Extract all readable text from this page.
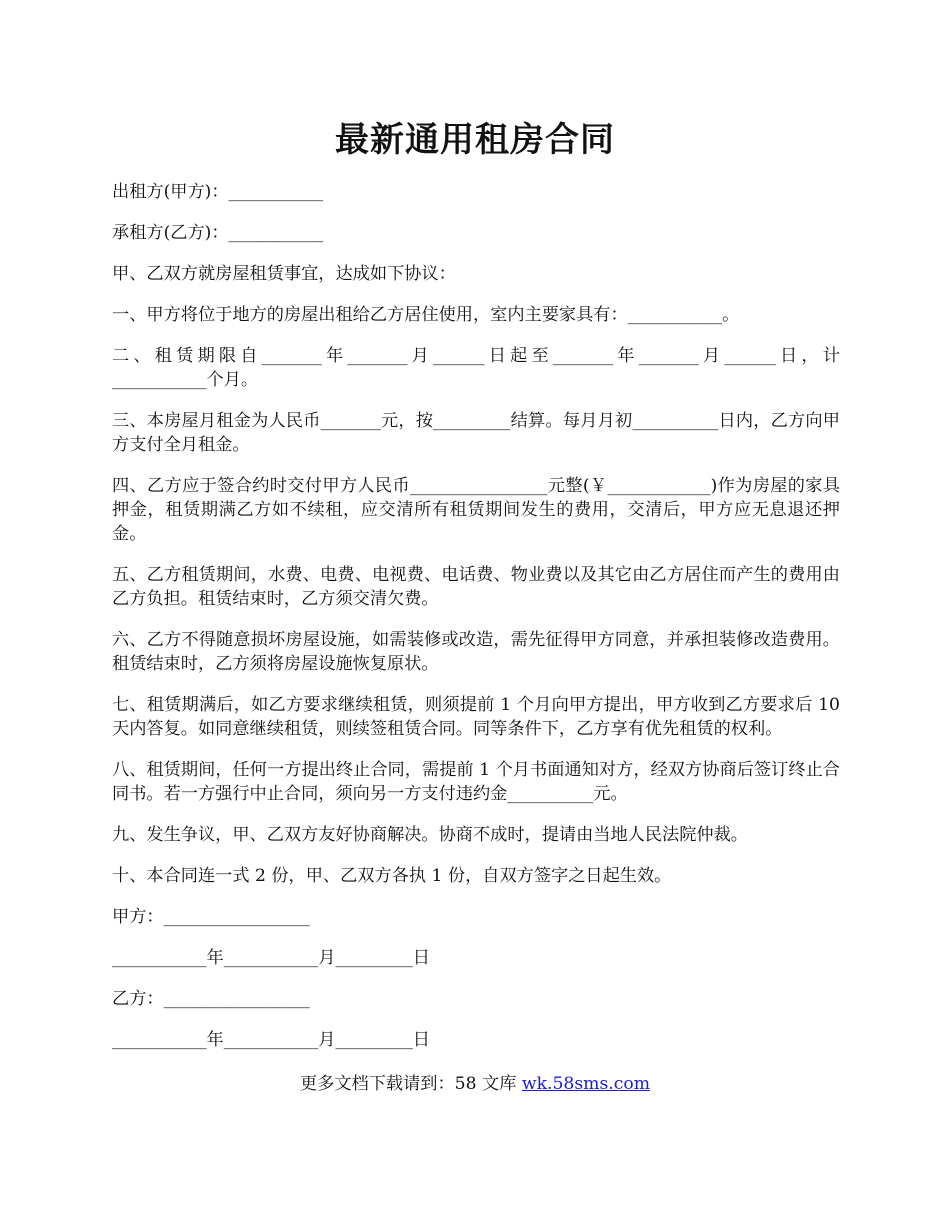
最新通用租房合同

出租方(甲方)：___________

承租方(乙方)：___________

甲、乙双方就房屋租赁事宜，达成如下协议：

一、甲方将位于地方的房屋出租给乙方居住使用，室内主要家具有：___________。

二、租赁期限自_______年_______月______日起至_______年_______月______日，计___________个月。

三、本房屋月租金为人民币_______元，按_________结算。每月月初__________日内，乙方向甲方支付全月租金。

四、乙方应于签合约时交付甲方人民币________________元整(￥____________)作为房屋的家具押金，租赁期满乙方如不续租，应交清所有租赁期间发生的费用，交清后，甲方应无息退还押金。

五、乙方租赁期间，水费、电费、电视费、电话费、物业费以及其它由乙方居住而产生的费用由乙方负担。租赁结束时，乙方须交清欠费。

六、乙方不得随意损坏房屋设施，如需装修或改造，需先征得甲方同意，并承担装修改造费用。租赁结束时，乙方须将房屋设施恢复原状。

七、租赁期满后，如乙方要求继续租赁，则须提前 1 个月向甲方提出，甲方收到乙方要求后 10 天内答复。如同意继续租赁，则续签租赁合同。同等条件下，乙方享有优先租赁的权利。

八、租赁期间，任何一方提出终止合同，需提前 1 个月书面通知对方，经双方协商后签订终止合同书。若一方强行中止合同，须向另一方支付违约金__________元。

九、发生争议，甲、乙双方友好协商解决。协商不成时，提请由当地人民法院仲裁。

十、本合同连一式 2 份，甲、乙双方各执 1 份，自双方签字之日起生效。

甲方：_________________

___________年___________月_________日

乙方：_________________

___________年___________月_________日

更多文档下载请到：58 文库 wk.58sms.com
